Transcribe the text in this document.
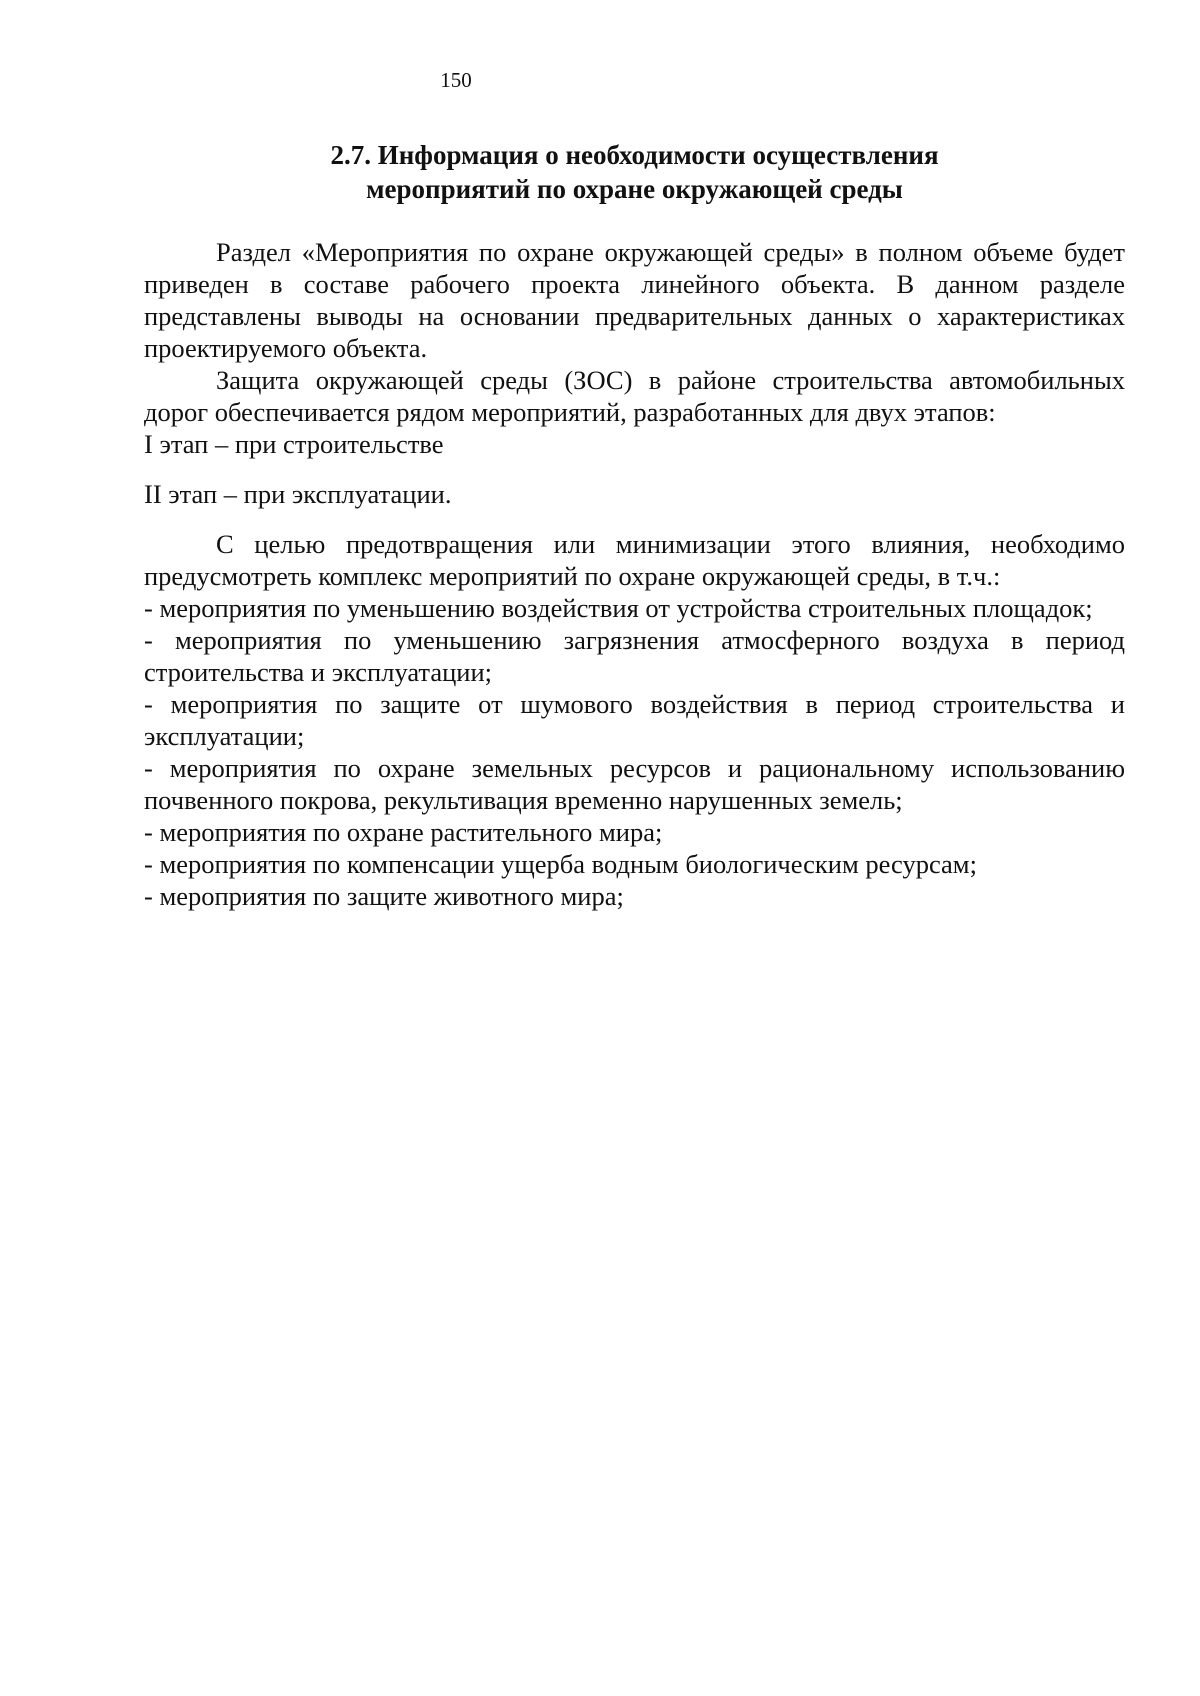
150
2.7. Информация о необходимости осуществления
мероприятий по охране окружающей среды

Раздел «Мероприятия по охране окружающей среды» в полном объеме будет приведен в составе рабочего проекта линейного объекта. В данном разделе представлены выводы на основании предварительных данных о характеристиках проектируемого объекта.

Защита окружающей среды (ЗОС) в районе строительства автомобильных дорог обеспечивается рядом мероприятий, разработанных для двух этапов:

I этап – при строительстве

II этап – при эксплуатации.

С целью предотвращения или минимизации этого влияния, необходимо предусмотреть комплекс мероприятий по охране окружающей среды, в т.ч.:

- мероприятия по уменьшению воздействия от устройства строительных площадок;

- мероприятия по уменьшению загрязнения атмосферного воздуха в период строительства и эксплуатации;

- мероприятия по защите от шумового воздействия в период строительства и эксплуатации;

- мероприятия по охране земельных ресурсов и рациональному использованию почвенного покрова, рекультивация временно нарушенных земель;

- мероприятия по охране растительного мира;

- мероприятия по компенсации ущерба водным биологическим ресурсам;

- мероприятия по защите животного мира;
